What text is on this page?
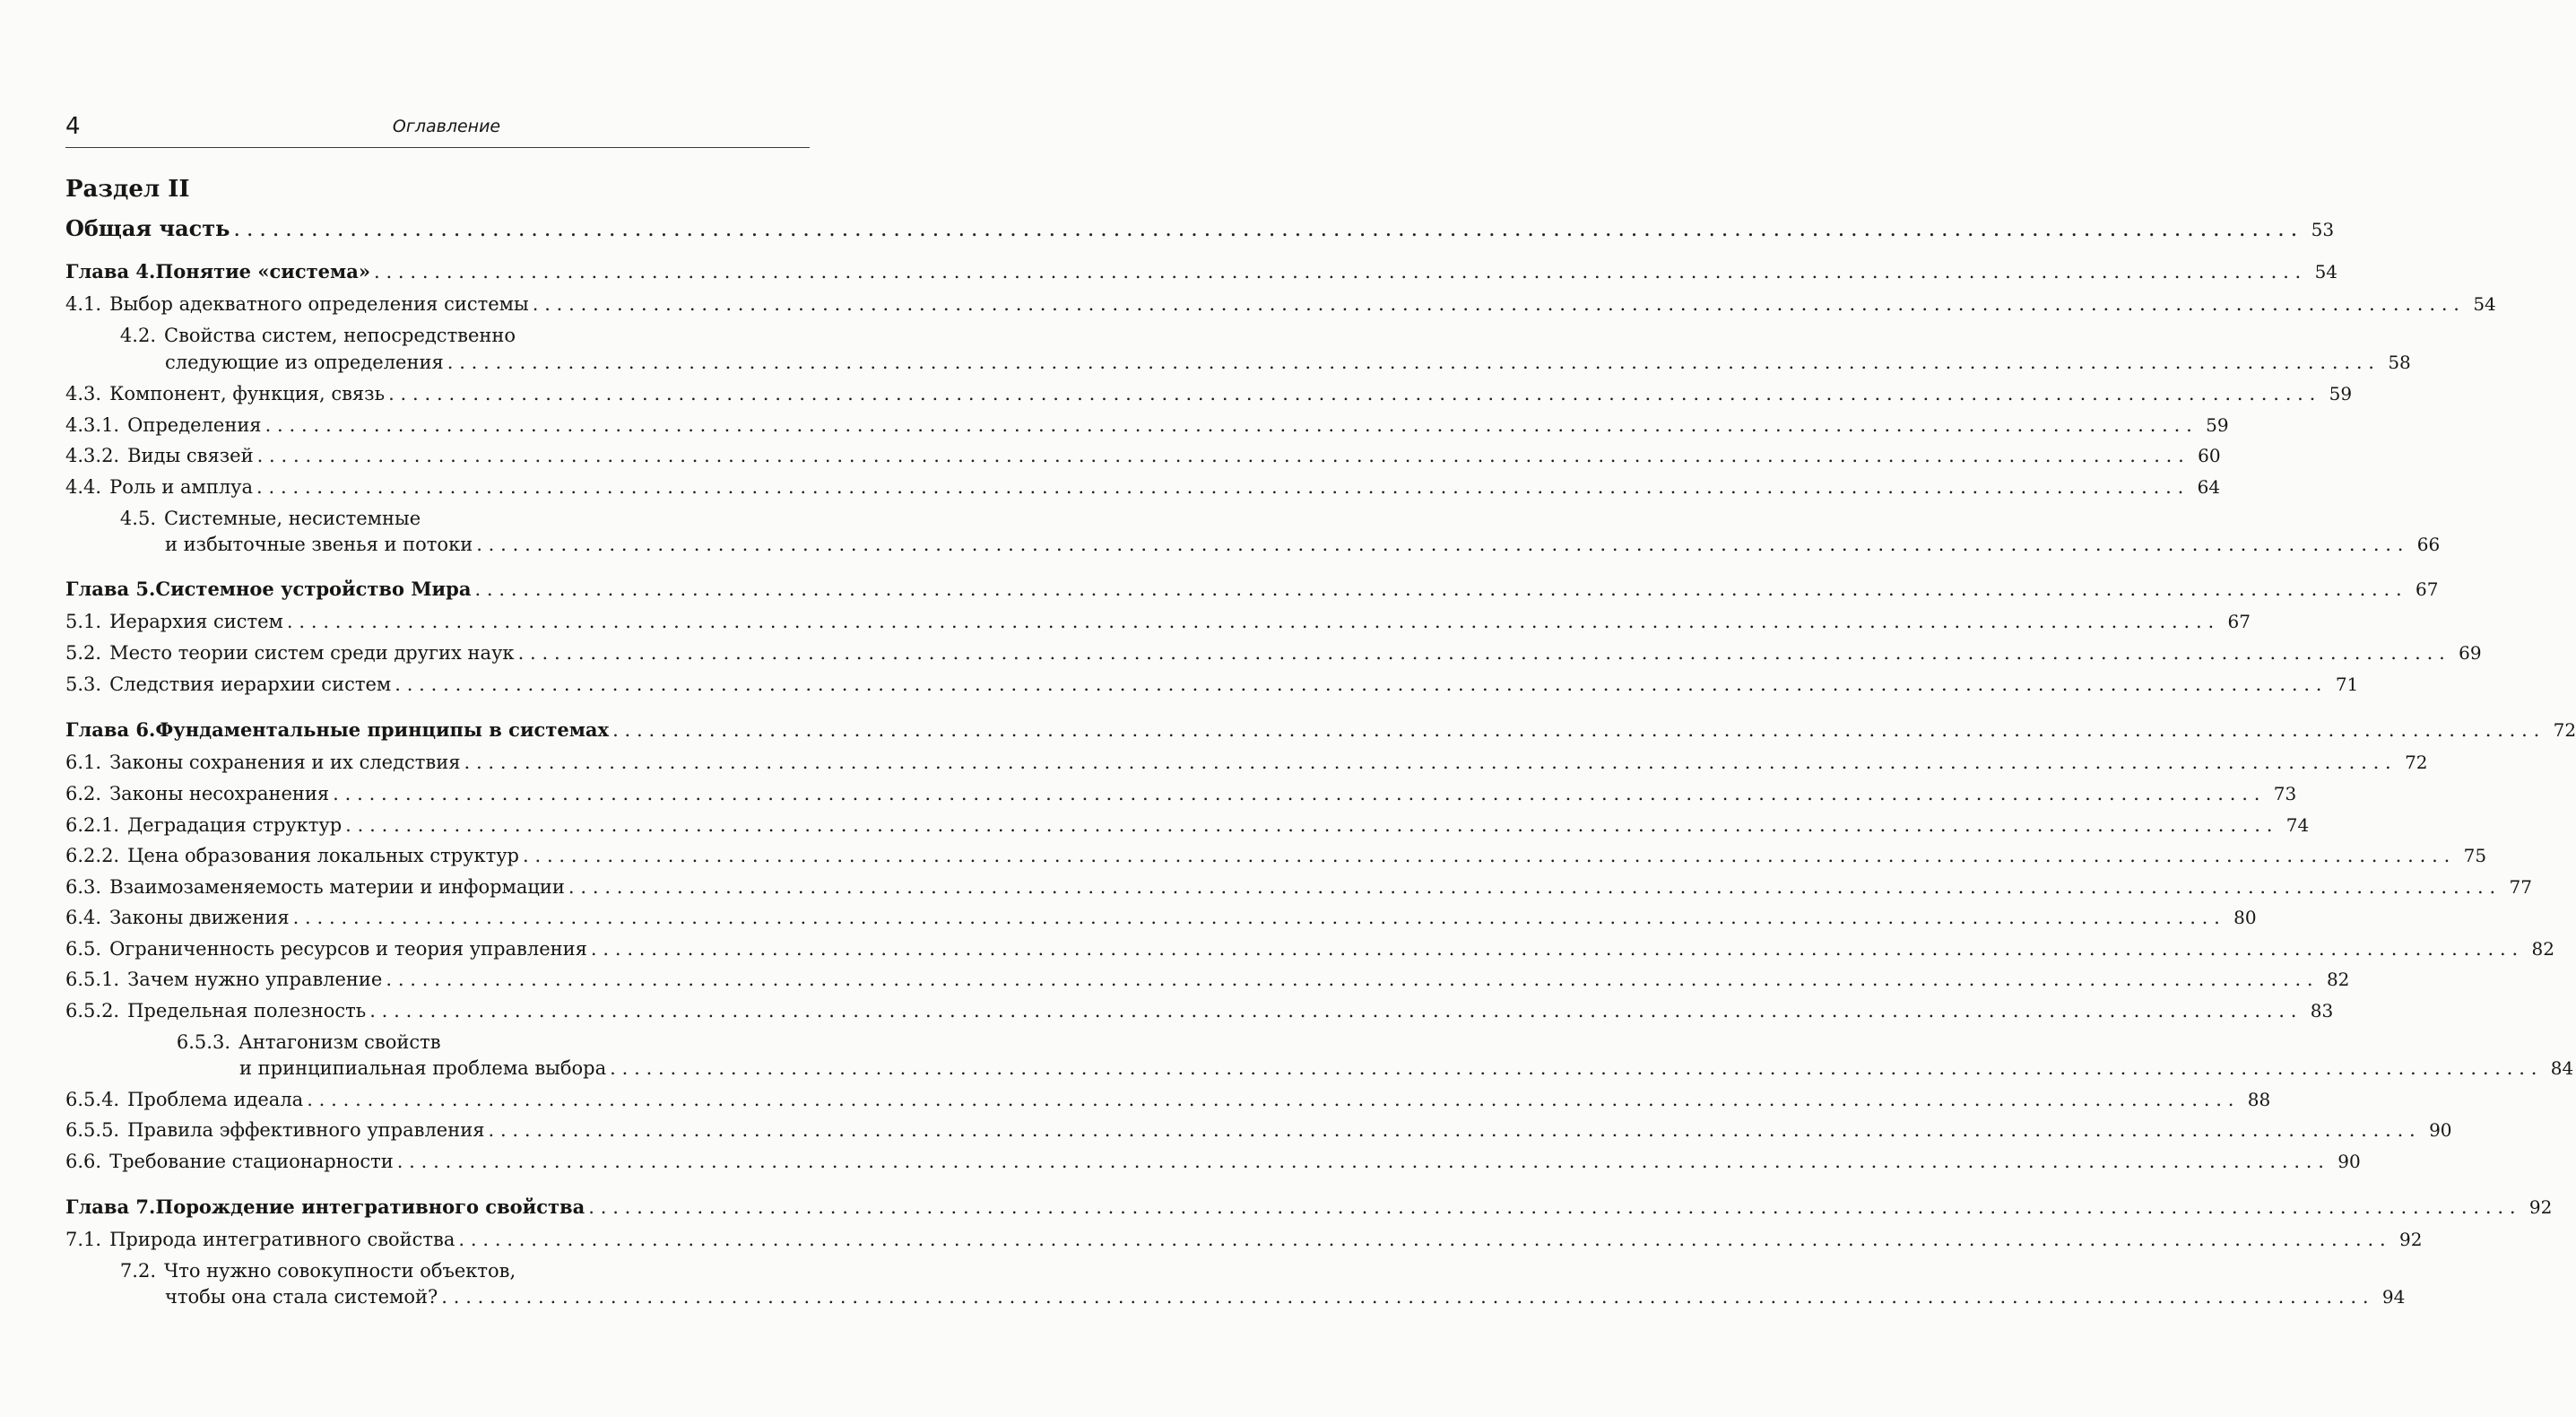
4	Оглавление
Раздел II
Общая часть ................................................................................................................................................................ 53
Глава 4. Понятие «система» ................................................................................................................................................................ 54
4.1. Выбор адекватного определения системы ................................................................................................................................................................ 54
4.2. Свойства систем, непосредственно
следующие из определения ................................................................................................................................................................ 58
4.3. Компонент, функция, связь ................................................................................................................................................................ 59
4.3.1. Определения ................................................................................................................................................................ 59
4.3.2. Виды связей ................................................................................................................................................................ 60
4.4. Роль и амплуа ................................................................................................................................................................ 64
4.5. Системные, несистемные
и избыточные звенья и потоки ................................................................................................................................................................ 66
Глава 5. Системное устройство Мира ................................................................................................................................................................ 67
5.1. Иерархия систем ................................................................................................................................................................ 67
5.2. Место теории систем среди других наук ................................................................................................................................................................ 69
5.3. Следствия иерархии систем ................................................................................................................................................................ 71
Глава 6. Фундаментальные принципы в системах ................................................................................................................................................................ 72
6.1. Законы сохранения и их следствия ................................................................................................................................................................ 72
6.2. Законы несохранения ................................................................................................................................................................ 73
6.2.1. Деградация структур ................................................................................................................................................................ 74
6.2.2. Цена образования локальных структур ................................................................................................................................................................ 75
6.3. Взаимозаменяемость материи и информации ................................................................................................................................................................ 77
6.4. Законы движения ................................................................................................................................................................ 80
6.5. Ограниченность ресурсов и теория управления ................................................................................................................................................................ 82
6.5.1. Зачем нужно управление ................................................................................................................................................................ 82
6.5.2. Предельная полезность ................................................................................................................................................................ 83
6.5.3. Антагонизм свойств
и принципиальная проблема выбора ................................................................................................................................................................ 84
6.5.4. Проблема идеала ................................................................................................................................................................ 88
6.5.5. Правила эффективного управления ................................................................................................................................................................ 90
6.6. Требование стационарности ................................................................................................................................................................ 90
Глава 7. Порождение интегративного свойства ................................................................................................................................................................ 92
7.1. Природа интегративного свойства ................................................................................................................................................................ 92
7.2. Что нужно совокупности объектов,
чтобы она стала системой? ................................................................................................................................................................ 94
